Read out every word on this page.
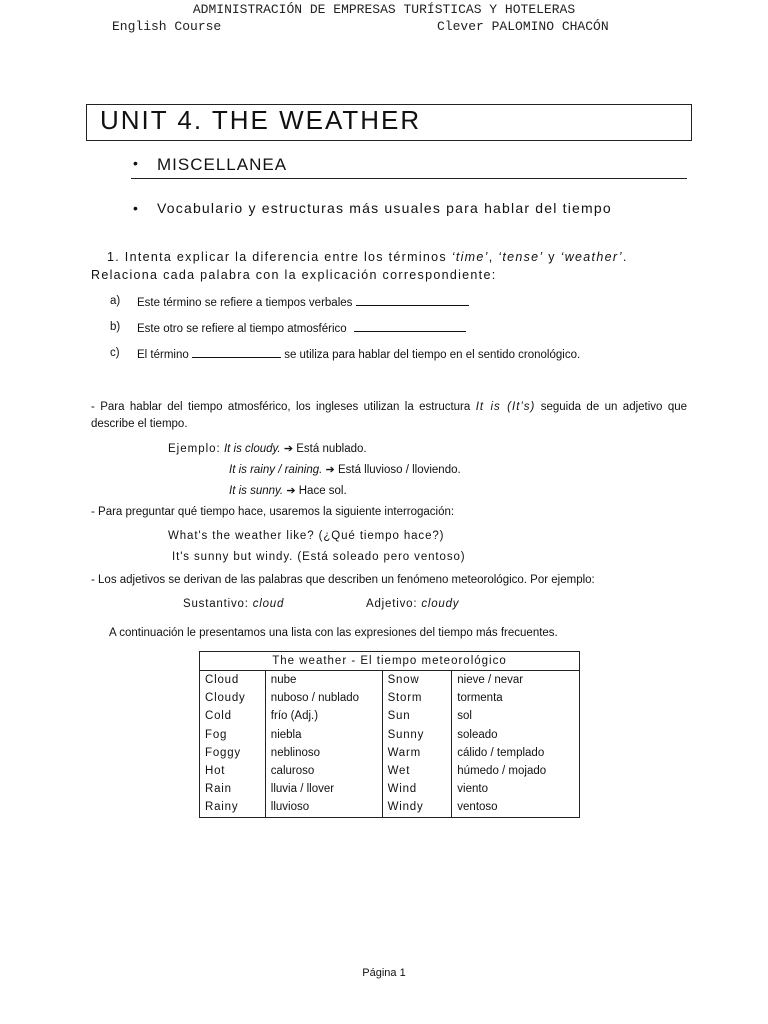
ADMINISTRACIÓN DE EMPRESAS TURÍSTICAS Y HOTELERAS
English Course	Clever PALOMINO CHACÓN
UNIT 4. THE WEATHER
• MISCELLANEA
• Vocabulario y estructuras más usuales para hablar del tiempo
1. Intenta explicar la diferencia entre los términos ‘time’, ‘tense’ y ‘weather’. Relaciona cada palabra con la explicación correspondiente:
a) Este término se refiere a tiempos verbales
b) Este otro se refiere al tiempo atmosférico
c) El término	se utiliza para hablar del tiempo en el sentido cronológico.
- Para hablar del tiempo atmosférico, los ingleses utilizan la estructura It is (It’s) seguida de un adjetivo que describe el tiempo.
Ejemplo: It is cloudy. ➔ Está nublado.
It is rainy / raining. ➔ Está lluvioso / lloviendo.
It is sunny. ➔ Hace sol.
- Para preguntar qué tiempo hace, usaremos la siguiente interrogación:
What's the weather like? (¿Qué tiempo hace?)
It's sunny but windy. (Está soleado pero ventoso)
- Los adjetivos se derivan de las palabras que describen un fenómeno meteorológico. Por ejemplo:
Sustantivo: cloud	Adjetivo: cloudy
A continuación le presentamos una lista con las expresiones del tiempo más frecuentes.
The weather - El tiempo meteorológico			
Cloud	nube	Snow	nieve / nevar
Cloudy	nuboso / nublado	Storm	tormenta
Cold	frío (Adj.)	Sun	sol
Fog	niebla	Sunny	soleado
Foggy	neblinoso	Warm	cálido / templado
Hot	caluroso	Wet	húmedo / mojado
Rain	lluvia / llover	Wind	viento
Rainy	lluvioso	Windy	ventoso
Página 1
